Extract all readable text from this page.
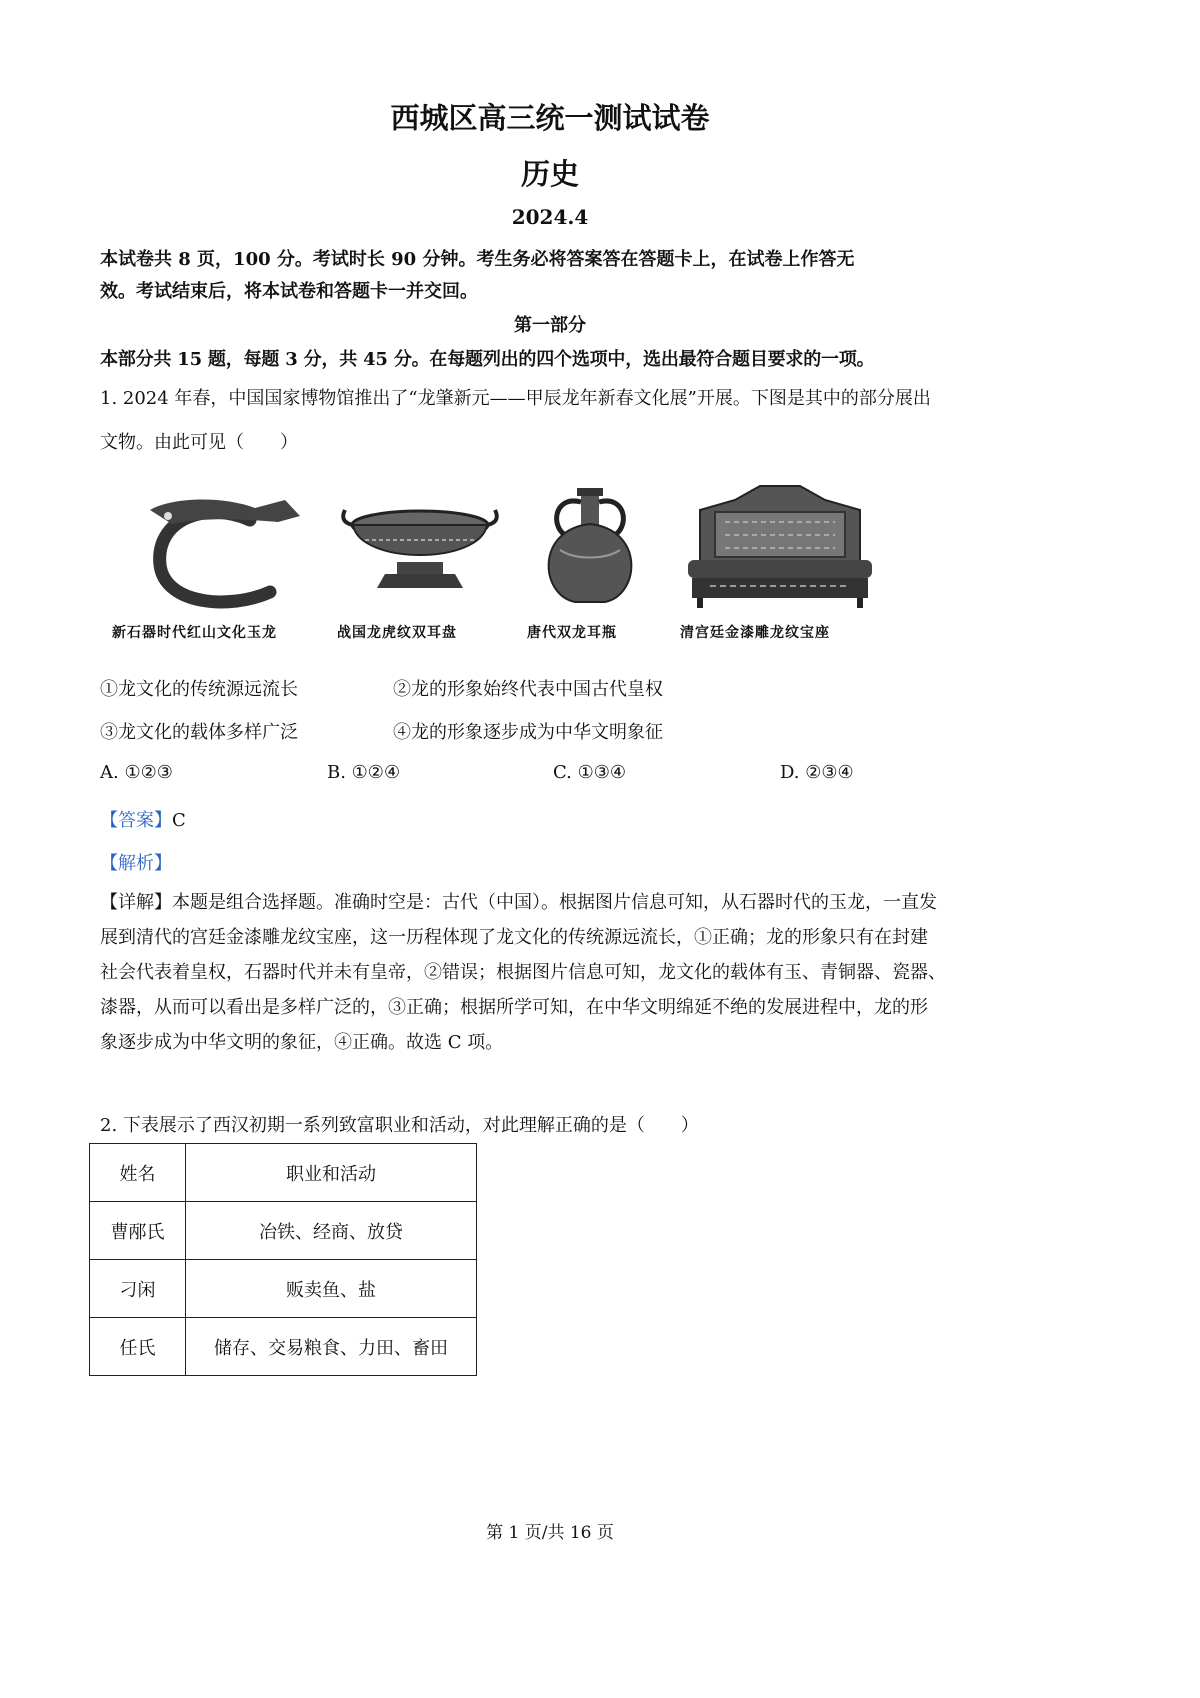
西城区高三统一测试试卷
历史
2024.4
本试卷共 8 页，100 分。考试时长 90 分钟。考生务必将答案答在答题卡上，在试卷上作答无
效。考试结束后，将本试卷和答题卡一并交回。
第一部分
本部分共 15 题，每题 3 分，共 45 分。在每题列出的四个选项中，选出最符合题目要求的一项。
1. 2024 年春，中国国家博物馆推出了“龙肇新元——甲辰龙年新春文化展”开展。下图是其中的部分展出
文物。由此可见（　　）
新石器时代红山文化玉龙	战国龙虎纹双耳盘	唐代双龙耳瓶	清宫廷金漆雕龙纹宝座
①龙文化的传统源远流长	②龙的形象始终代表中国古代皇权
③龙文化的载体多样广泛	④龙的形象逐步成为中华文明象征
A. ①②③	B. ①②④	C. ①③④	D. ②③④
【答案】C
【解析】
【详解】本题是组合选择题。准确时空是：古代（中国）。根据图片信息可知，从石器时代的玉龙，一直发
展到清代的宫廷金漆雕龙纹宝座，这一历程体现了龙文化的传统源远流长，①正确；龙的形象只有在封建
社会代表着皇权，石器时代并未有皇帝，②错误；根据图片信息可知，龙文化的载体有玉、青铜器、瓷器、
漆器，从而可以看出是多样广泛的，③正确；根据所学可知，在中华文明绵延不绝的发展进程中，龙的形
象逐步成为中华文明的象征，④正确。故选 C 项。
2. 下表展示了西汉初期一系列致富职业和活动，对此理解正确的是（　　）
姓名	职业和活动
曹邴氏	冶铁、经商、放贷
刁闲	贩卖鱼、盐
任氏	储存、交易粮食、力田、畜田
第 1 页/共 16 页
